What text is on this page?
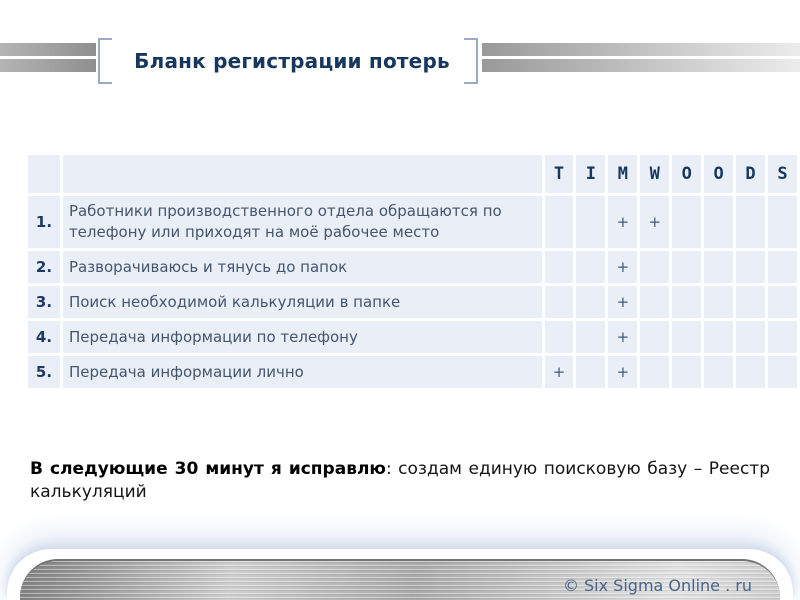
Бланк регистрации потерь
		T	I	M	W	O	O	D	S
1.	Работники производственного отдела обращаются по телефону или приходят на моё рабочее место			+	+				
2.	Разворачиваюсь и тянусь до папок			+					
3.	Поиск необходимой калькуляции в папке			+					
4.	Передача информации по телефону			+					
5.	Передача информации лично	+		+					

В следующие 30 минут я исправлю: создам единую поисковую базу – Реестр калькуляций

© Six Sigma Online . ru
